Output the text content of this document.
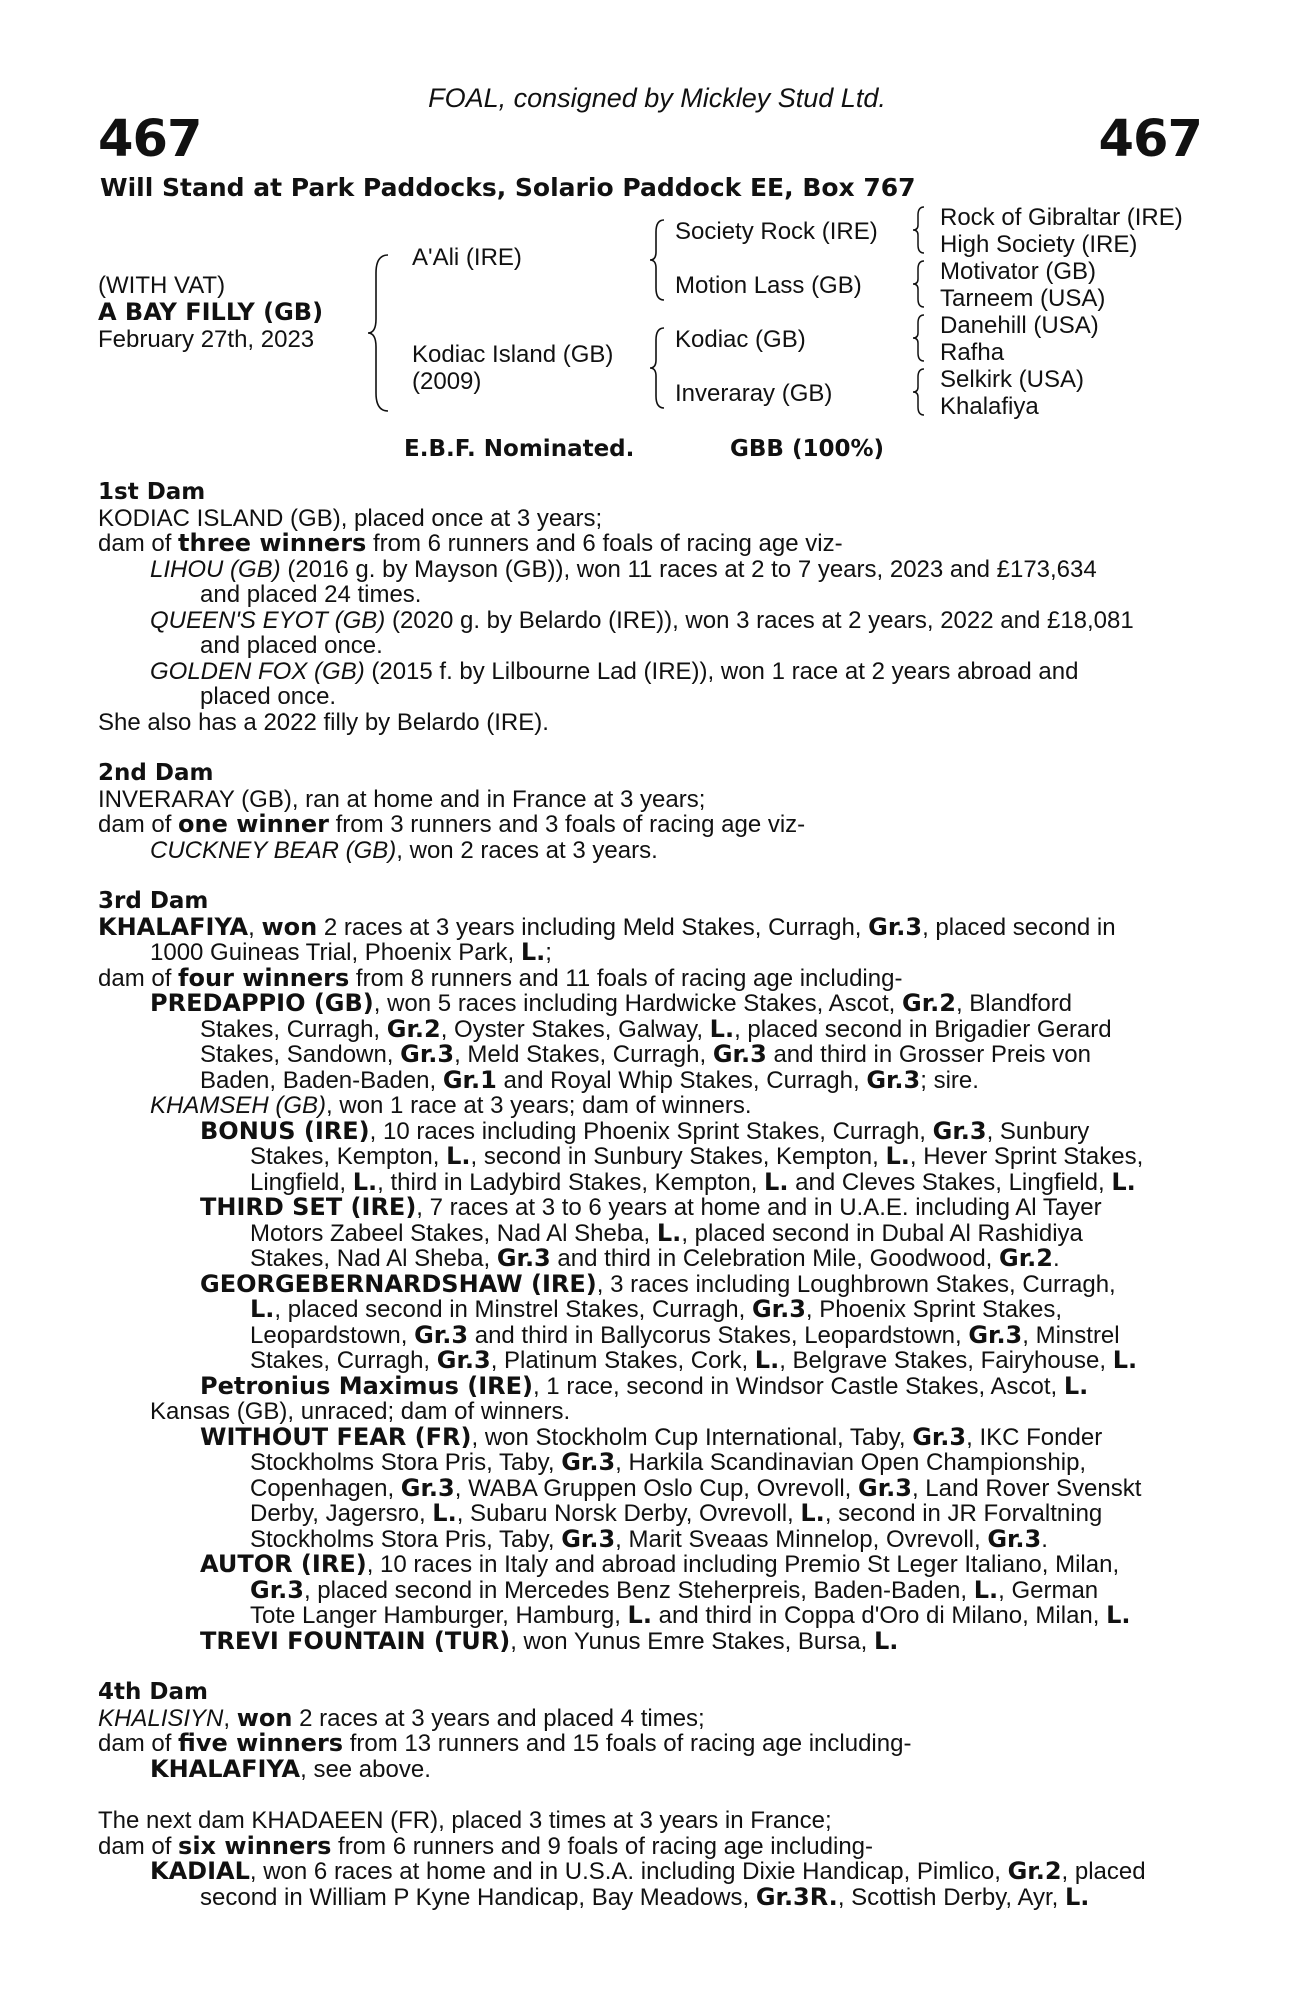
FOAL, consigned by Mickley Stud Ltd.
467	467
Will Stand at Park Paddocks, Solario Paddock EE, Box 767
(WITH VAT)
A BAY FILLY (GB)
February 27th, 2023
A'Ali (IRE)
Kodiac Island (GB)
(2009)
Society Rock (IRE)
Motion Lass (GB)
Kodiac (GB)
Inveraray (GB)
Rock of Gibraltar (IRE)
High Society (IRE)
Motivator (GB)
Tarneem (USA)
Danehill (USA)
Rafha
Selkirk (USA)
Khalafiya
E.B.F. Nominated.	GBB (100%)
1st Dam
KODIAC ISLAND (GB), placed once at 3 years;
dam of three winners from 6 runners and 6 foals of racing age viz-
LIHOU (GB) (2016 g. by Mayson (GB)), won 11 races at 2 to 7 years, 2023 and £173,634
and placed 24 times.
QUEEN'S EYOT (GB) (2020 g. by Belardo (IRE)), won 3 races at 2 years, 2022 and £18,081
and placed once.
GOLDEN FOX (GB) (2015 f. by Lilbourne Lad (IRE)), won 1 race at 2 years abroad and
placed once.
She also has a 2022 filly by Belardo (IRE).
2nd Dam
INVERARAY (GB), ran at home and in France at 3 years;
dam of one winner from 3 runners and 3 foals of racing age viz-
CUCKNEY BEAR (GB), won 2 races at 3 years.
3rd Dam
KHALAFIYA, won 2 races at 3 years including Meld Stakes, Curragh, Gr.3, placed second in
1000 Guineas Trial, Phoenix Park, L.;
dam of four winners from 8 runners and 11 foals of racing age including-
PREDAPPIO (GB), won 5 races including Hardwicke Stakes, Ascot, Gr.2, Blandford
Stakes, Curragh, Gr.2, Oyster Stakes, Galway, L., placed second in Brigadier Gerard
Stakes, Sandown, Gr.3, Meld Stakes, Curragh, Gr.3 and third in Grosser Preis von
Baden, Baden-Baden, Gr.1 and Royal Whip Stakes, Curragh, Gr.3; sire.
KHAMSEH (GB), won 1 race at 3 years; dam of winners.
BONUS (IRE), 10 races including Phoenix Sprint Stakes, Curragh, Gr.3, Sunbury
Stakes, Kempton, L., second in Sunbury Stakes, Kempton, L., Hever Sprint Stakes,
Lingfield, L., third in Ladybird Stakes, Kempton, L. and Cleves Stakes, Lingfield, L.
THIRD SET (IRE), 7 races at 3 to 6 years at home and in U.A.E. including Al Tayer
Motors Zabeel Stakes, Nad Al Sheba, L., placed second in Dubal Al Rashidiya
Stakes, Nad Al Sheba, Gr.3 and third in Celebration Mile, Goodwood, Gr.2.
GEORGEBERNARDSHAW (IRE), 3 races including Loughbrown Stakes, Curragh,
L., placed second in Minstrel Stakes, Curragh, Gr.3, Phoenix Sprint Stakes,
Leopardstown, Gr.3 and third in Ballycorus Stakes, Leopardstown, Gr.3, Minstrel
Stakes, Curragh, Gr.3, Platinum Stakes, Cork, L., Belgrave Stakes, Fairyhouse, L.
Petronius Maximus (IRE), 1 race, second in Windsor Castle Stakes, Ascot, L.
Kansas (GB), unraced; dam of winners.
WITHOUT FEAR (FR), won Stockholm Cup International, Taby, Gr.3, IKC Fonder
Stockholms Stora Pris, Taby, Gr.3, Harkila Scandinavian Open Championship,
Copenhagen, Gr.3, WABA Gruppen Oslo Cup, Ovrevoll, Gr.3, Land Rover Svenskt
Derby, Jagersro, L., Subaru Norsk Derby, Ovrevoll, L., second in JR Forvaltning
Stockholms Stora Pris, Taby, Gr.3, Marit Sveaas Minnelop, Ovrevoll, Gr.3.
AUTOR (IRE), 10 races in Italy and abroad including Premio St Leger Italiano, Milan,
Gr.3, placed second in Mercedes Benz Steherpreis, Baden-Baden, L., German
Tote Langer Hamburger, Hamburg, L. and third in Coppa d'Oro di Milano, Milan, L.
TREVI FOUNTAIN (TUR), won Yunus Emre Stakes, Bursa, L.
4th Dam
KHALISIYN, won 2 races at 3 years and placed 4 times;
dam of five winners from 13 runners and 15 foals of racing age including-
KHALAFIYA, see above.
The next dam KHADAEEN (FR), placed 3 times at 3 years in France;
dam of six winners from 6 runners and 9 foals of racing age including-
KADIAL, won 6 races at home and in U.S.A. including Dixie Handicap, Pimlico, Gr.2, placed
second in William P Kyne Handicap, Bay Meadows, Gr.3R., Scottish Derby, Ayr, L.
